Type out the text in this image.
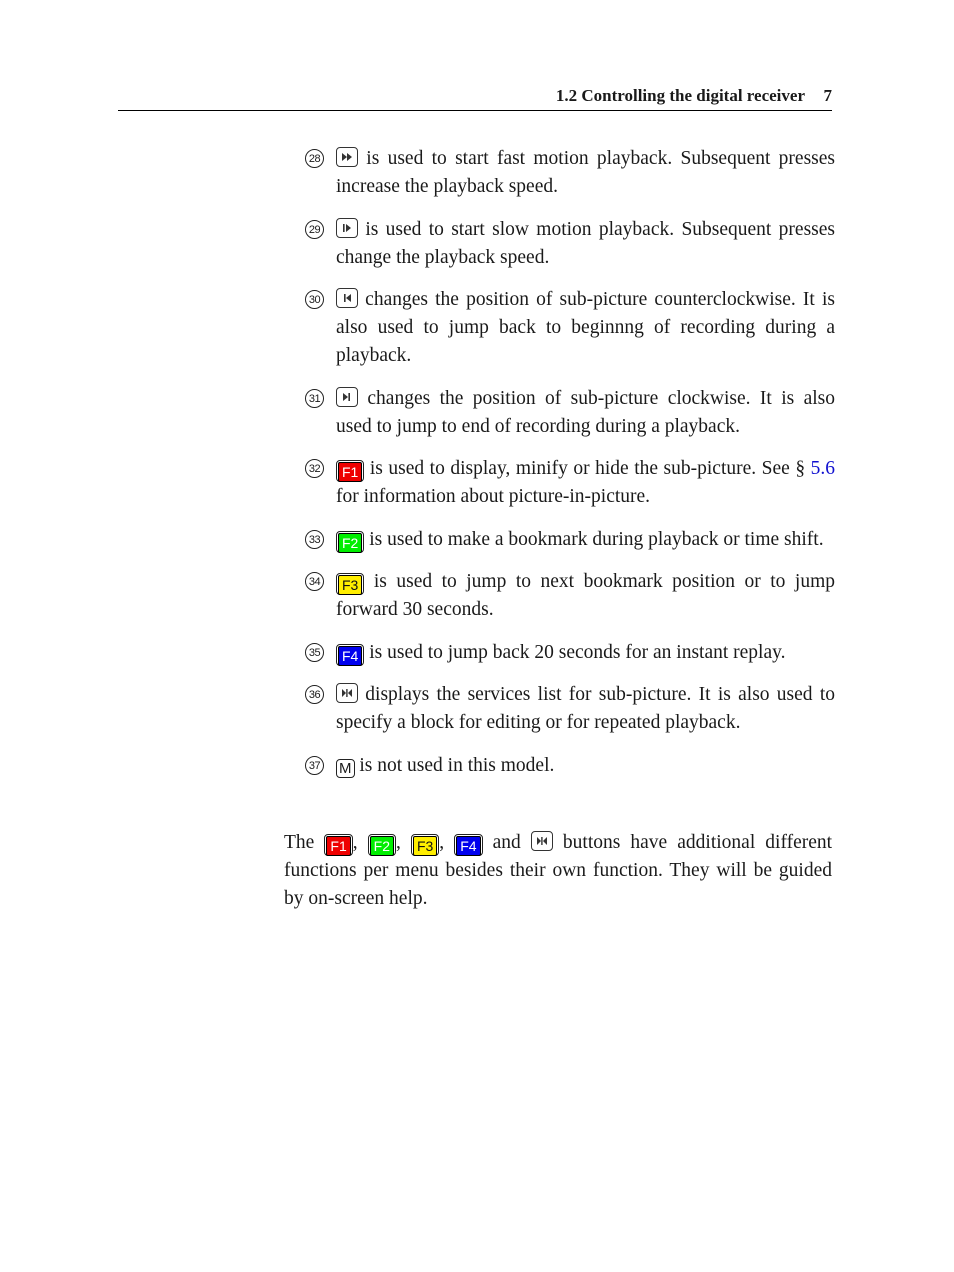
1.2 Controlling the digital receiver 7
28 is used to start fast motion playback. Subsequent presses increase the playback speed.
29 is used to start slow motion playback. Subsequent presses change the playback speed.
30 changes the position of sub-picture counterclockwise. It is also used to jump back to beginnng of recording during a playback.
31 changes the position of sub-picture clockwise. It is also used to jump to end of recording during a playback.
32 F1 is used to display, minify or hide the sub-picture. See § 5.6 for information about picture-in-picture.
33 F2 is used to make a bookmark during playback or time shift.
34 F3 is used to jump to next bookmark position or to jump forward 30 seconds.
35 F4 is used to jump back 20 seconds for an instant replay.
36 displays the services list for sub-picture. It is also used to specify a block for editing or for repeated playback.
37 M is not used in this model.
The F1 , F2 , F3 , F4 and buttons have additional different functions per menu besides their own function. They will be guided by on-screen help.
